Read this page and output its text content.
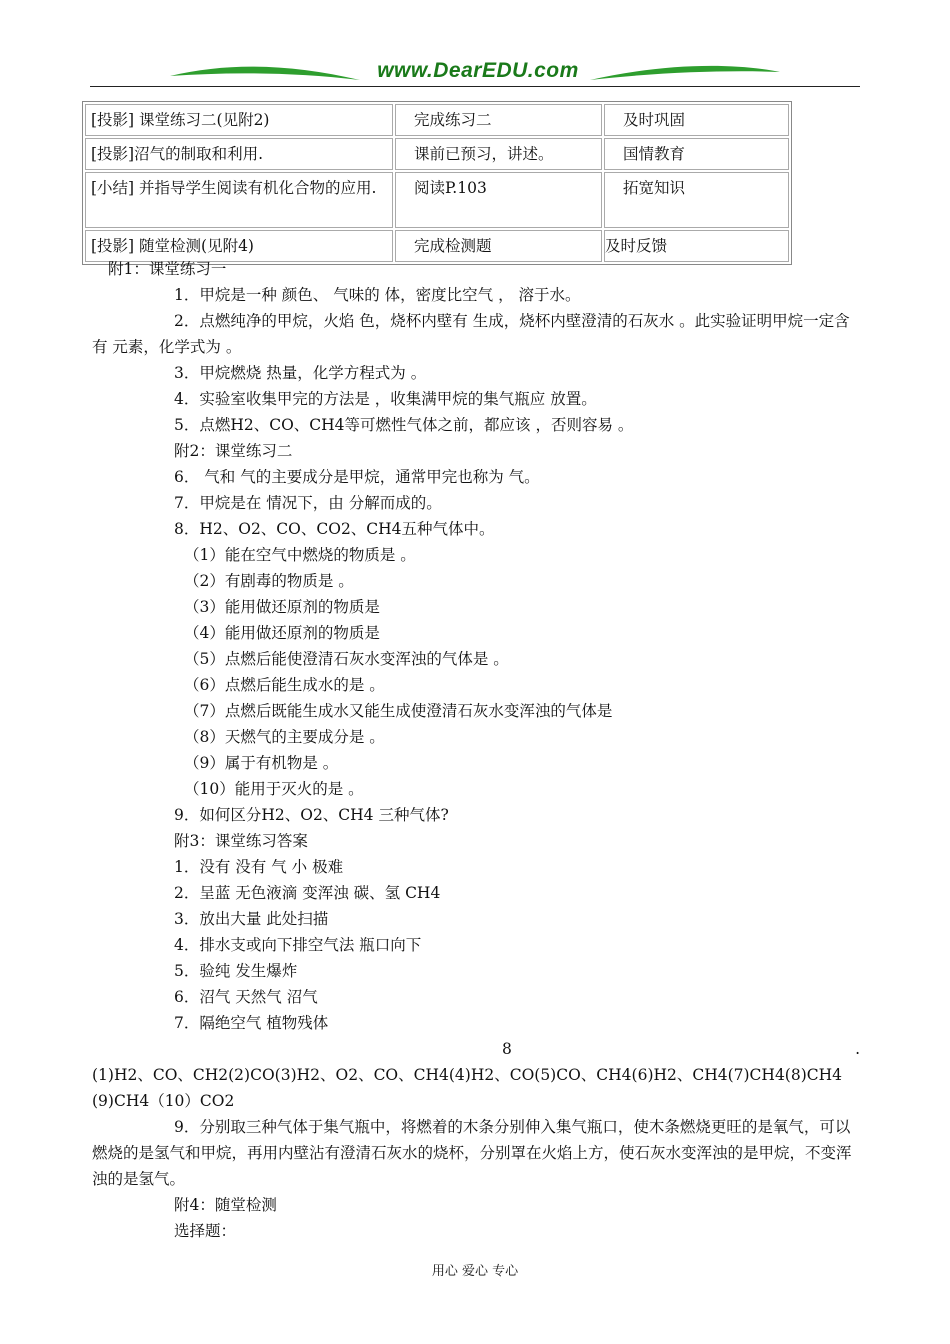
www.DearEDU.com
[投影] 课堂练习二(见附2)	完成练习二	及时巩固
[投影]沼气的制取和利用.	课前已预习，讲述。	国情教育
[小结] 并指导学生阅读有机化合物的应用.	阅读P.103	拓宽知识
[投影] 随堂检测(见附4)	完成检测题	及时反馈

附1：课堂练习一

1．甲烷是一种 颜色、 气味的 体，密度比空气 ， 溶于水。

2．点燃纯净的甲烷，火焰 色，烧杯内壁有 生成，烧杯内壁澄清的石灰水 。此实验证明甲烷一定含有 元素，化学式为 。

3．甲烷燃烧 热量，化学方程式为 。

4．实验室收集甲完的方法是 ，收集满甲烷的集气瓶应 放置。

5．点燃H2、CO、CH4等可燃性气体之前，都应该 ，否则容易 。

附2：课堂练习二

6． 气和 气的主要成分是甲烷，通常甲完也称为 气。

7．甲烷是在 情况下，由 分解而成的。

8．H2、O2、CO、CO2、CH4五种气体中。

（1）能在空气中燃烧的物质是 。

（2）有剧毒的物质是 。

（3）能用做还原剂的物质是

（4）能用做还原剂的物质是

（5）点燃后能使澄清石灰水变浑浊的气体是 。

（6）点燃后能生成水的是 。

（7）点燃后既能生成水又能生成使澄清石灰水变浑浊的气体是

（8）天燃气的主要成分是 。

（9）属于有机物是 。

（10）能用于灭火的是 。

9．如何区分H2、O2、CH4 三种气体?

附3：课堂练习答案

1．没有 没有 气 小 极难

2．呈蓝 无色液滴 变浑浊 碳、氢 CH4

3．放出大量 此处扫描

4．排水支或向下排空气法 瓶口向下

5．验纯 发生爆炸

6．沼气 天然气 沼气

7．隔绝空气 植物残体

8	.

(1)H2、CO、CH2(2)CO(3)H2、O2、CO、CH4(4)H2、CO(5)CO、CH4(6)H2、CH4(7)CH4(8)CH4(9)CH4（10）CO2

9．分别取三种气体于集气瓶中，将燃着的木条分别伸入集气瓶口，使木条燃烧更旺的是氧气，可以燃烧的是氢气和甲烷，再用内壁沾有澄清石灰水的烧杯，分别罩在火焰上方，使石灰水变浑浊的是甲烷，不变浑浊的是氢气。

附4：随堂检测

选择题：

用心 爱心 专心
